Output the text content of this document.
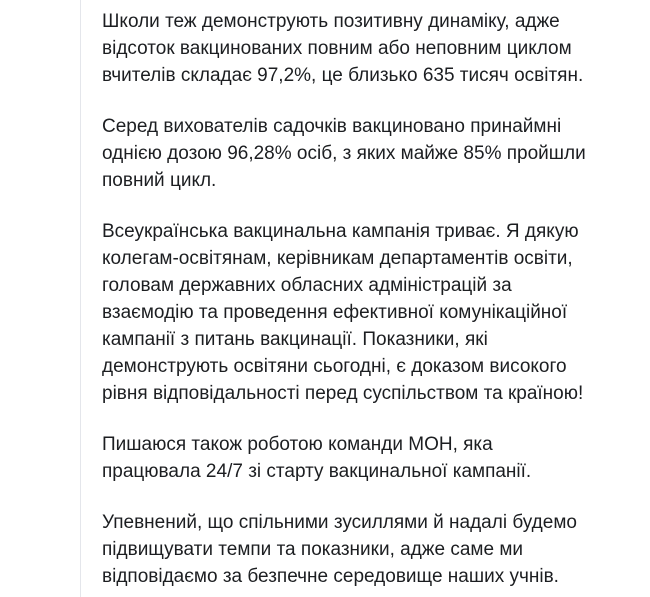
Школи теж демонструють позитивну динаміку, адже
відсоток вакцинованих повним або неповним циклом
вчителів складає 97,2%, це близько 635 тисяч освітян.

Серед вихователів садочків вакциновано принаймні
однією дозою 96,28% осіб, з яких майже 85% пройшли
повний цикл.

Всеукраїнська вакцинальна кампанія триває. Я дякую
колегам-освітянам, керівникам департаментів освіти,
головам державних обласних адміністрацій за
взаємодію та проведення ефективної комунікаційної
кампанії з питань вакцинації. Показники, які
демонструють освітяни сьогодні, є доказом високого
рівня відповідальності перед суспільством та країною!

Пишаюся також роботою команди МОН, яка
працювала 24/7 зі старту вакцинальної кампанії.

Упевнений, що спільними зусиллями й надалі будемо
підвищувати темпи та показники, адже саме ми
відповідаємо за безпечне середовище наших учнів.
